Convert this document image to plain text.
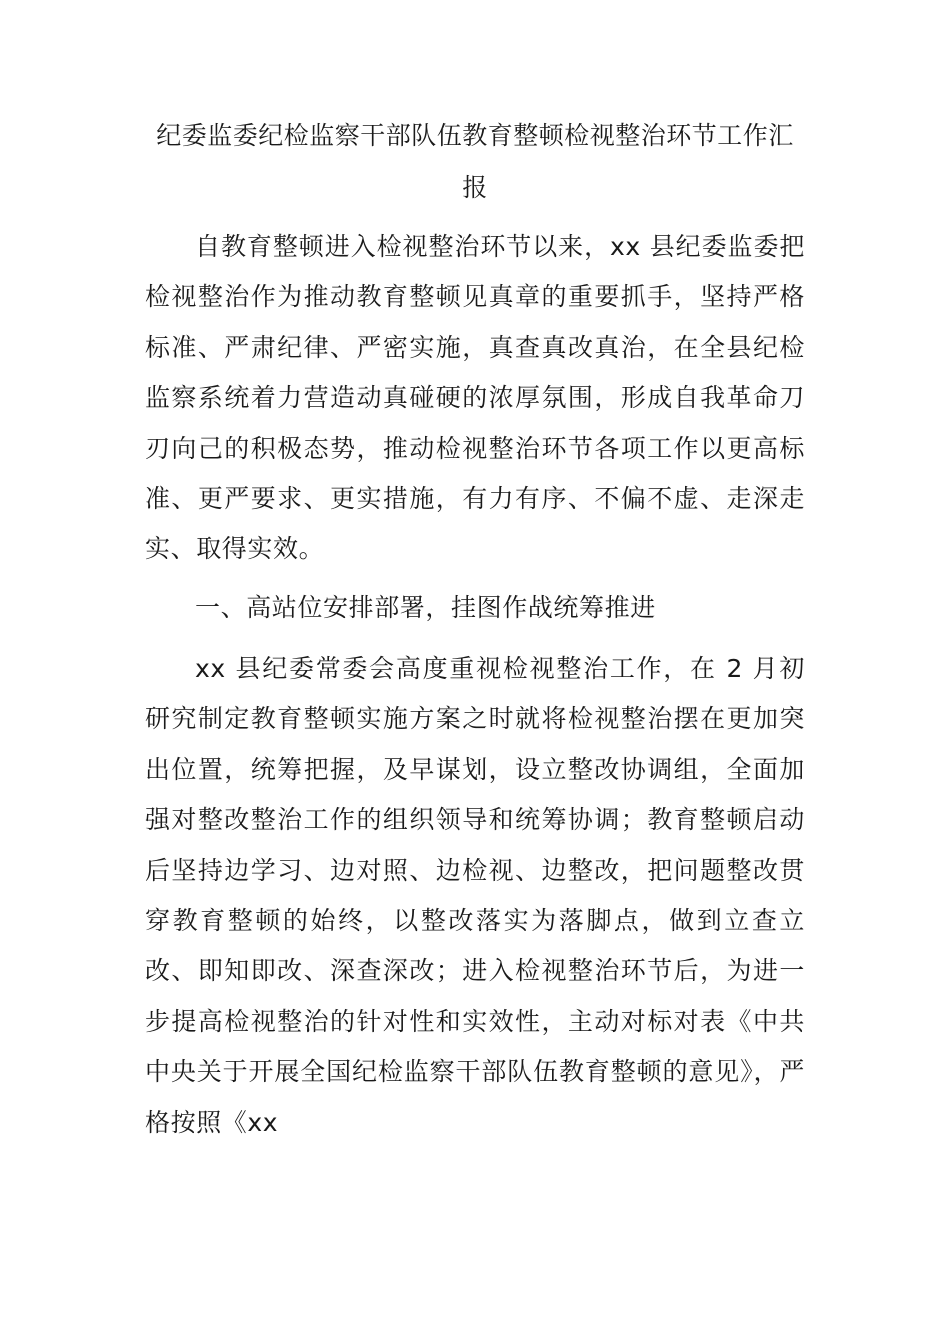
纪委监委纪检监察干部队伍教育整顿检视整治环节工作汇报

自教育整顿进入检视整治环节以来，xx 县纪委监委把检视整治作为推动教育整顿见真章的重要抓手，坚持严格标准、严肃纪律、严密实施，真查真改真治，在全县纪检监察系统着力营造动真碰硬的浓厚氛围，形成自我革命刀刃向己的积极态势，推动检视整治环节各项工作以更高标准、更严要求、更实措施，有力有序、不偏不虚、走深走实、取得实效。

一、高站位安排部署，挂图作战统筹推进

xx 县纪委常委会高度重视检视整治工作，在 2 月初研究制定教育整顿实施方案之时就将检视整治摆在更加突出位置，统筹把握，及早谋划，设立整改协调组，全面加强对整改整治工作的组织领导和统筹协调；教育整顿启动后坚持边学习、边对照、边检视、边整改，把问题整改贯穿教育整顿的始终，以整改落实为落脚点，做到立查立改、即知即改、深查深改；进入检视整治环节后，为进一步提高检视整治的针对性和实效性，主动对标对表《中共中央关于开展全国纪检监察干部队伍教育整顿的意见》，严格按照《xx
